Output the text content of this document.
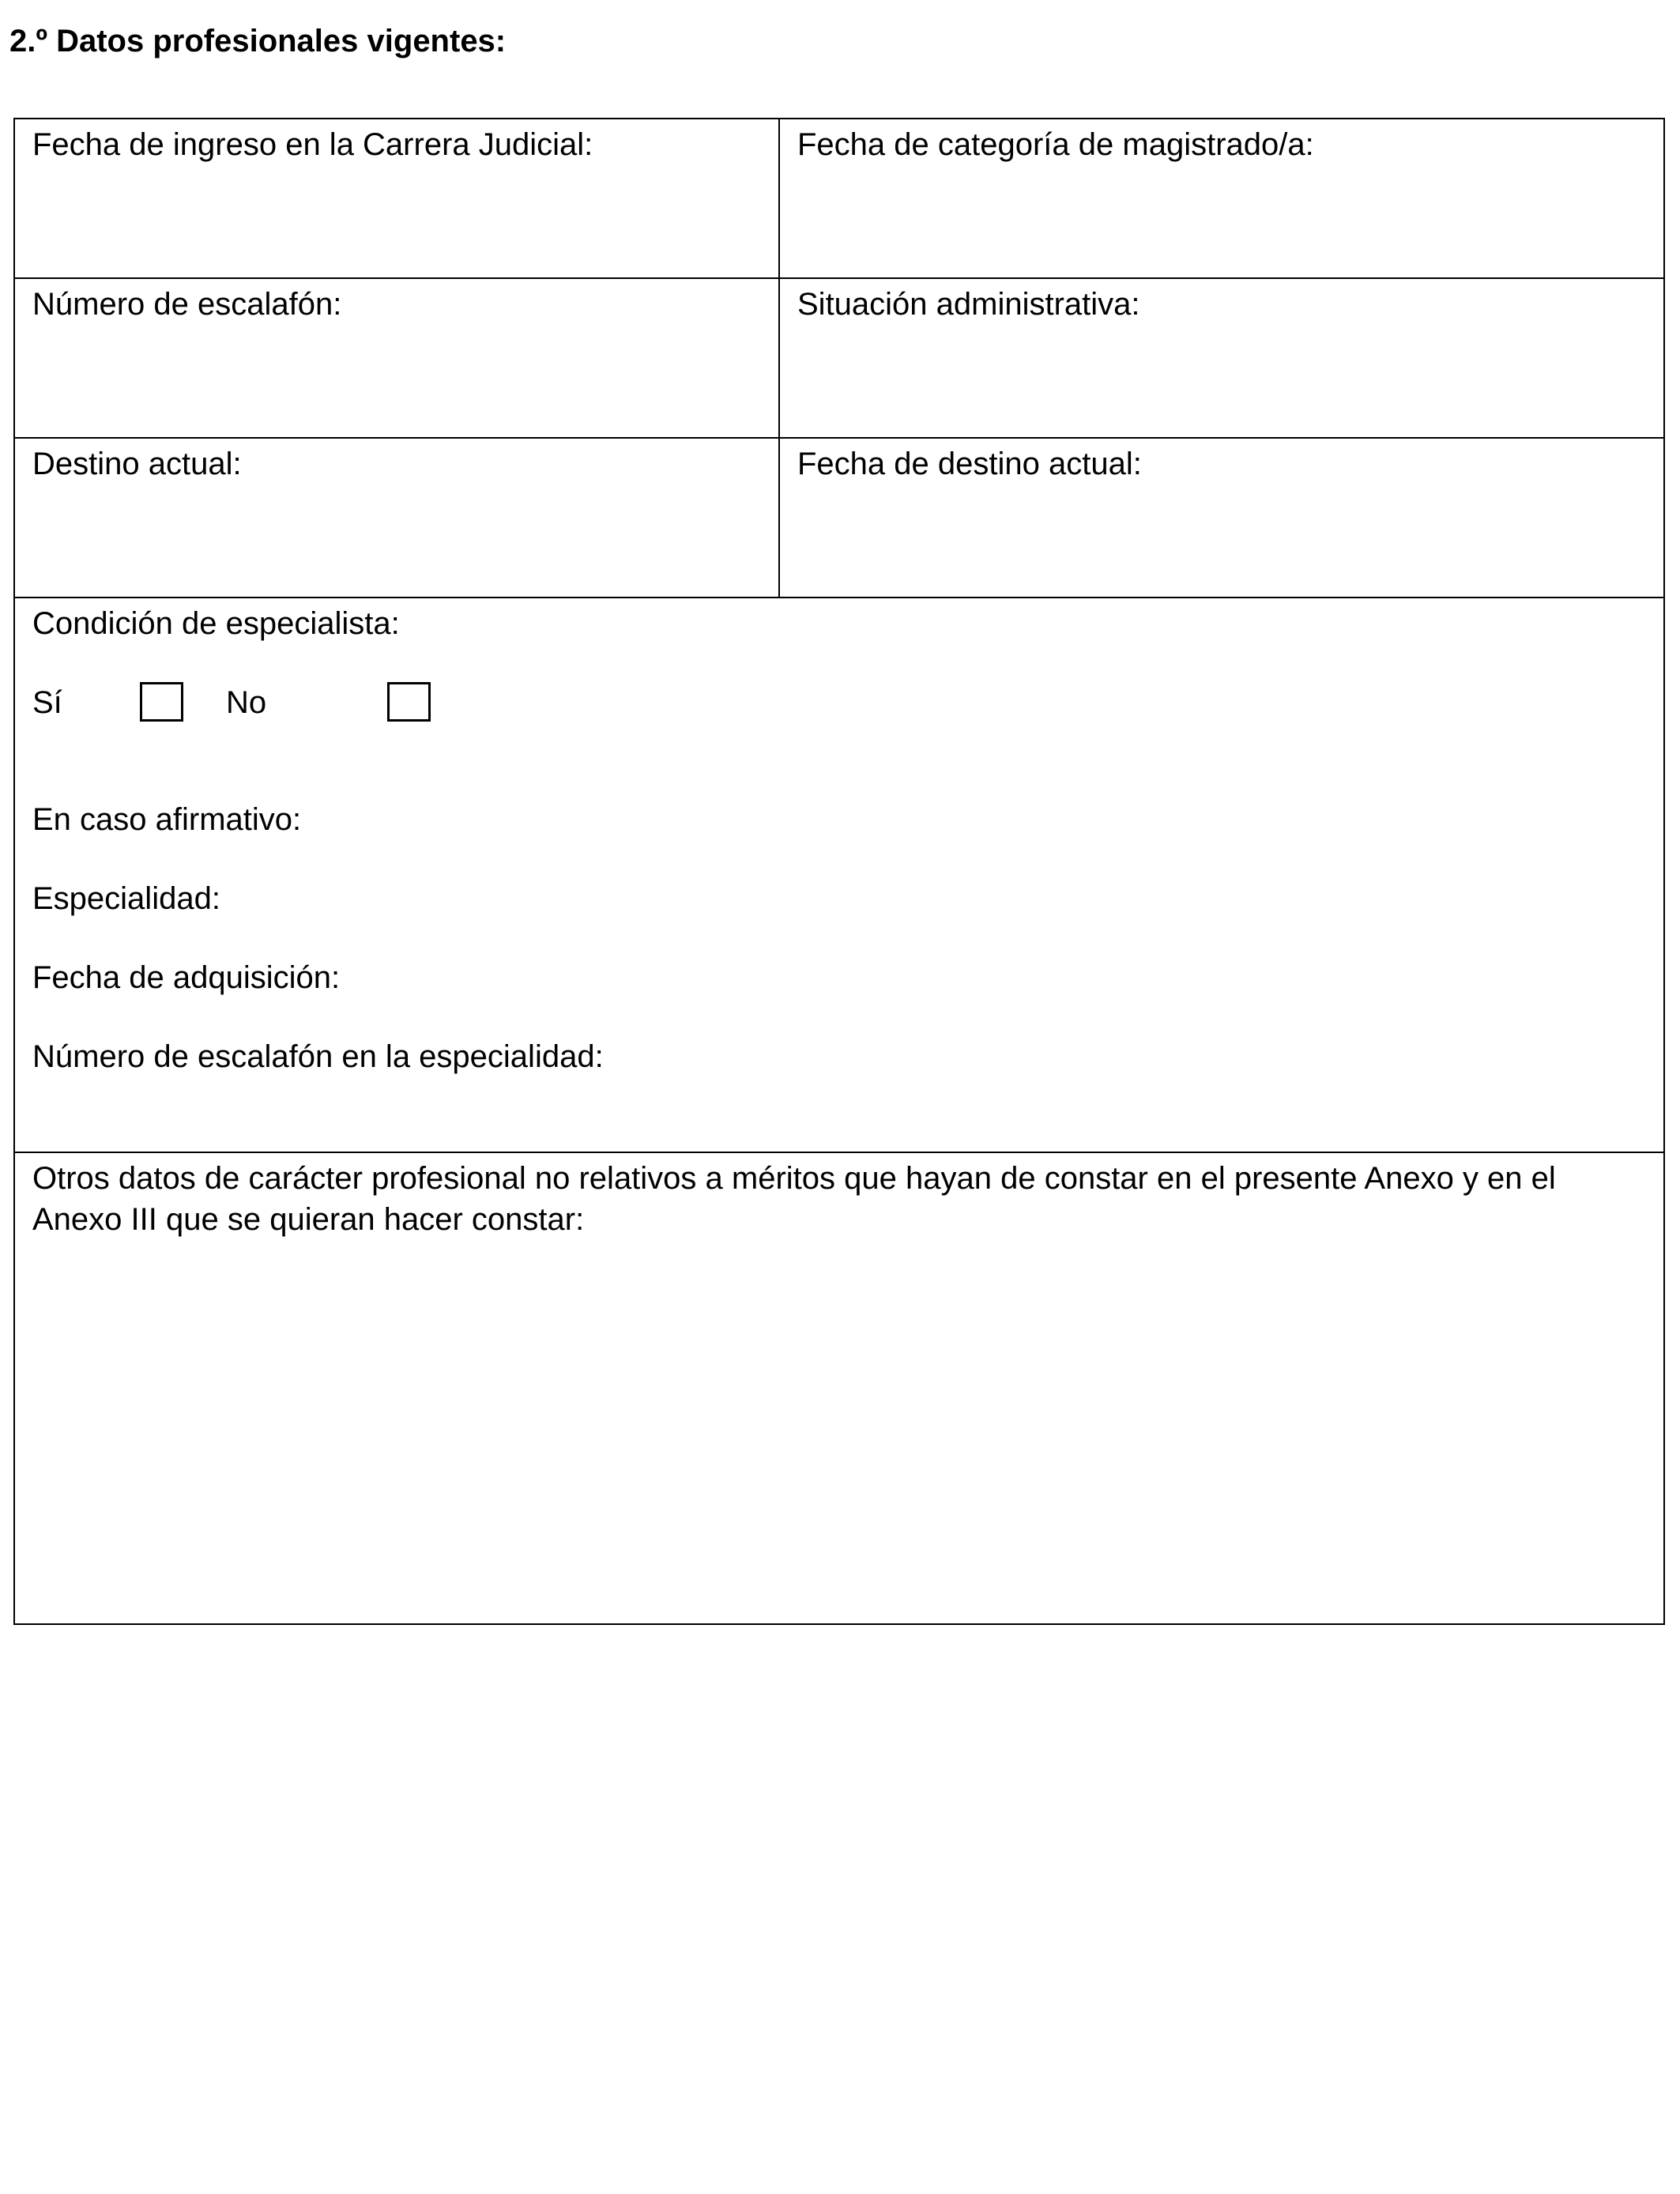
2.º Datos profesionales vigentes:
Fecha de ingreso en la Carrera Judicial:	Fecha de categoría de magistrado/a:
Número de escalafón:	Situación administrativa:
Destino actual:	Fecha de destino actual:
Condición de especialista:
Sí	No
En caso afirmativo:
Especialidad:
Fecha de adquisición:
Número de escalafón en la especialidad:
Otros datos de carácter profesional no relativos a méritos que hayan de constar en el presente Anexo y en el Anexo III que se quieran hacer constar:
